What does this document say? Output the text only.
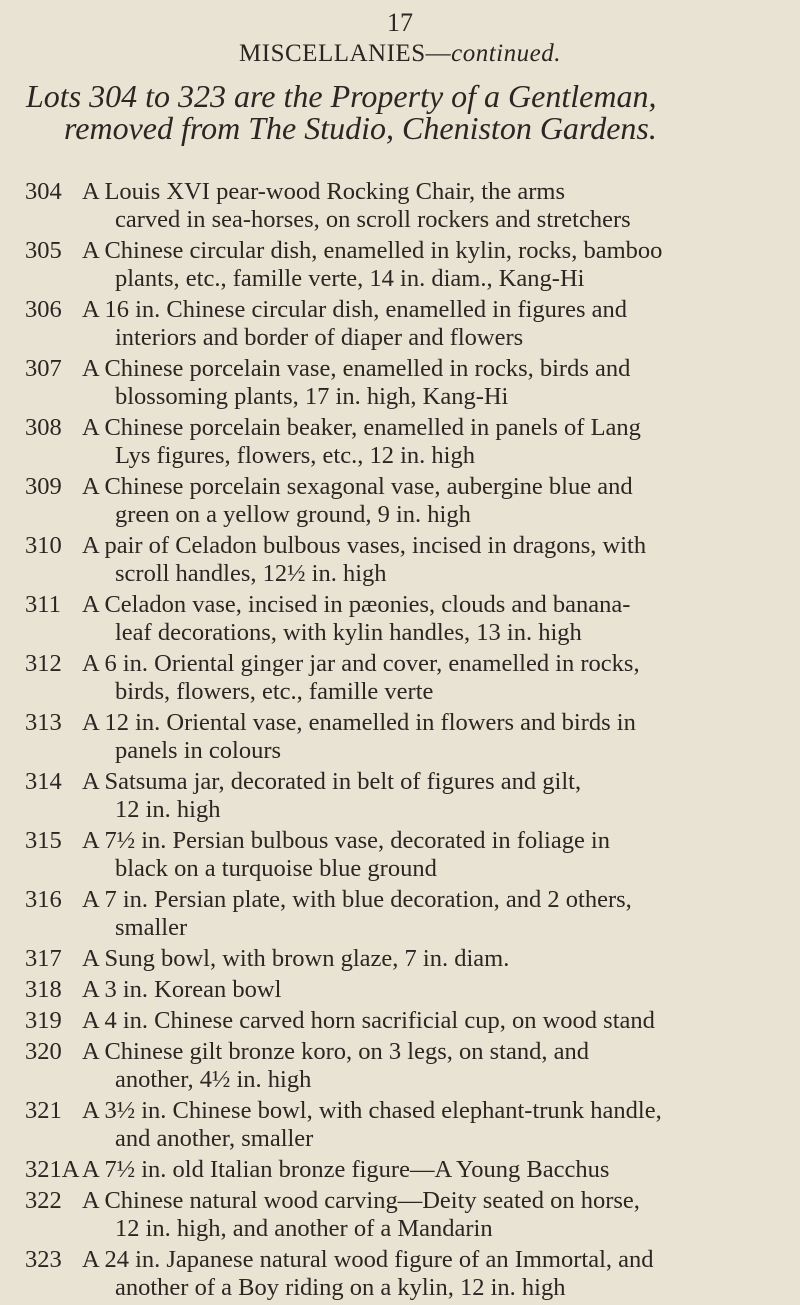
17
MISCELLANIES—continued.
Lots 304 to 323 are the Property of a Gentleman,
removed from The Studio, Cheniston Gardens.
304 A Louis XVI pear-wood Rocking Chair, the arms
carved in sea-horses, on scroll rockers and stretchers
305 A Chinese circular dish, enamelled in kylin, rocks, bamboo
plants, etc., famille verte, 14 in. diam., Kang-Hi
306 A 16 in. Chinese circular dish, enamelled in figures and
interiors and border of diaper and flowers
307 A Chinese porcelain vase, enamelled in rocks, birds and
blossoming plants, 17 in. high, Kang-Hi
308 A Chinese porcelain beaker, enamelled in panels of Lang
Lys figures, flowers, etc., 12 in. high
309 A Chinese porcelain sexagonal vase, aubergine blue and
green on a yellow ground, 9 in. high
310 A pair of Celadon bulbous vases, incised in dragons, with
scroll handles, 12½ in. high
311 A Celadon vase, incised in pæonies, clouds and banana-
leaf decorations, with kylin handles, 13 in. high
312 A 6 in. Oriental ginger jar and cover, enamelled in rocks,
birds, flowers, etc., famille verte
313 A 12 in. Oriental vase, enamelled in flowers and birds in
panels in colours
314 A Satsuma jar, decorated in belt of figures and gilt,
12 in. high
315 A 7½ in. Persian bulbous vase, decorated in foliage in
black on a turquoise blue ground
316 A 7 in. Persian plate, with blue decoration, and 2 others,
smaller
317 A Sung bowl, with brown glaze, 7 in. diam.
318 A 3 in. Korean bowl
319 A 4 in. Chinese carved horn sacrificial cup, on wood stand
320 A Chinese gilt bronze koro, on 3 legs, on stand, and
another, 4½ in. high
321 A 3½ in. Chinese bowl, with chased elephant-trunk handle,
and another, smaller
321A A 7½ in. old Italian bronze figure—A Young Bacchus
322 A Chinese natural wood carving—Deity seated on horse,
12 in. high, and another of a Mandarin
323 A 24 in. Japanese natural wood figure of an Immortal, and
another of a Boy riding on a kylin, 12 in. high
